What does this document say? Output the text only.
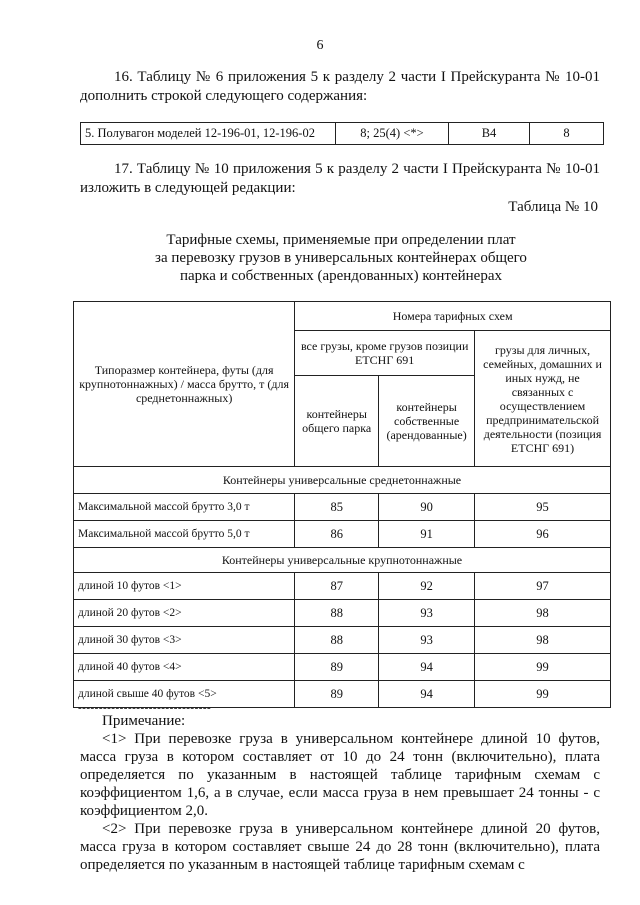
6
16. Таблицу № 6 приложения 5 к разделу 2 части I Прейскуранта № 10-01 дополнить строкой следующего содержания:
5. Полувагон моделей 12-196-01, 12-196-02	8; 25(4) <*>	В4	8
17. Таблицу № 10 приложения 5 к разделу 2 части I Прейскуранта № 10-01 изложить в следующей редакции:
Таблица № 10
Тарифные схемы, применяемые при определении плат
за перевозку грузов в универсальных контейнерах общего
парка и собственных (арендованных) контейнерах
Типоразмер контейнера, футы (для крупнотоннажных) / масса брутто, т (для среднетоннажных)	Номера тарифных схем		
	все грузы, кроме грузов позиции ЕТСНГ 691		грузы для личных, семейных, домашних и иных нужд, не связанных с осуществлением предпринимательской деятельности (позиция ЕТСНГ 691)
	контейнеры общего парка	контейнеры собственные (арендованные)	
Контейнеры универсальные среднетоннажные			
Максимальной массой брутто 3,0 т	85	90	95
Максимальной массой брутто 5,0 т	86	91	96
Контейнеры универсальные крупнотоннажные			
длиной 10 футов <1>	87	92	97
длиной 20 футов <2>	88	93	98
длиной 30 футов <3>	88	93	98
длиной 40 футов <4>	89	94	99
длиной свыше 40 футов <5>	89	94	99
--------------------------------

Примечание:

<1> При перевозке груза в универсальном контейнере длиной 10 футов, масса груза в котором составляет от 10 до 24 тонн (включительно), плата определяется по указанным в настоящей таблице тарифным схемам с коэффициентом 1,6, а в случае, если масса груза в нем превышает 24 тонны - с коэффициентом 2,0.

<2> При перевозке груза в универсальном контейнере длиной 20 футов, масса груза в котором составляет свыше 24 до 28 тонн (включительно), плата определяется по указанным в настоящей таблице тарифным схемам с
